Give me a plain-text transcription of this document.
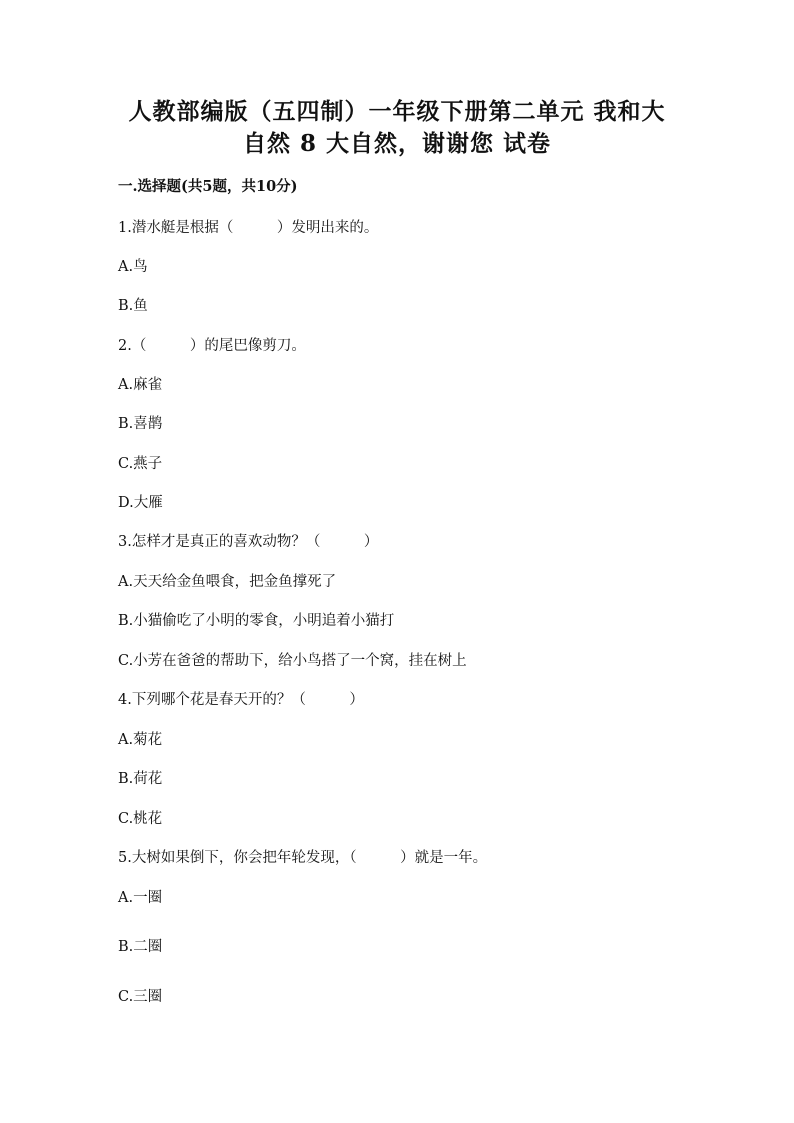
人教部编版（五四制）一年级下册第二单元 我和大
自然 8 大自然，谢谢您 试卷

一.选择题(共5题，共10分)

1.潜水艇是根据（　　　）发明出来的。

A.鸟

B.鱼

2.（　　　）的尾巴像剪刀。

A.麻雀

B.喜鹊

C.燕子

D.大雁

3.怎样才是真正的喜欢动物？（　　　）

A.天天给金鱼喂食，把金鱼撑死了

B.小猫偷吃了小明的零食，小明追着小猫打

C.小芳在爸爸的帮助下，给小鸟搭了一个窝，挂在树上

4.下列哪个花是春天开的？（　　　）

A.菊花

B.荷花

C.桃花

5.大树如果倒下，你会把年轮发现，（　　　）就是一年。

A.一圈

B.二圈

C.三圈
